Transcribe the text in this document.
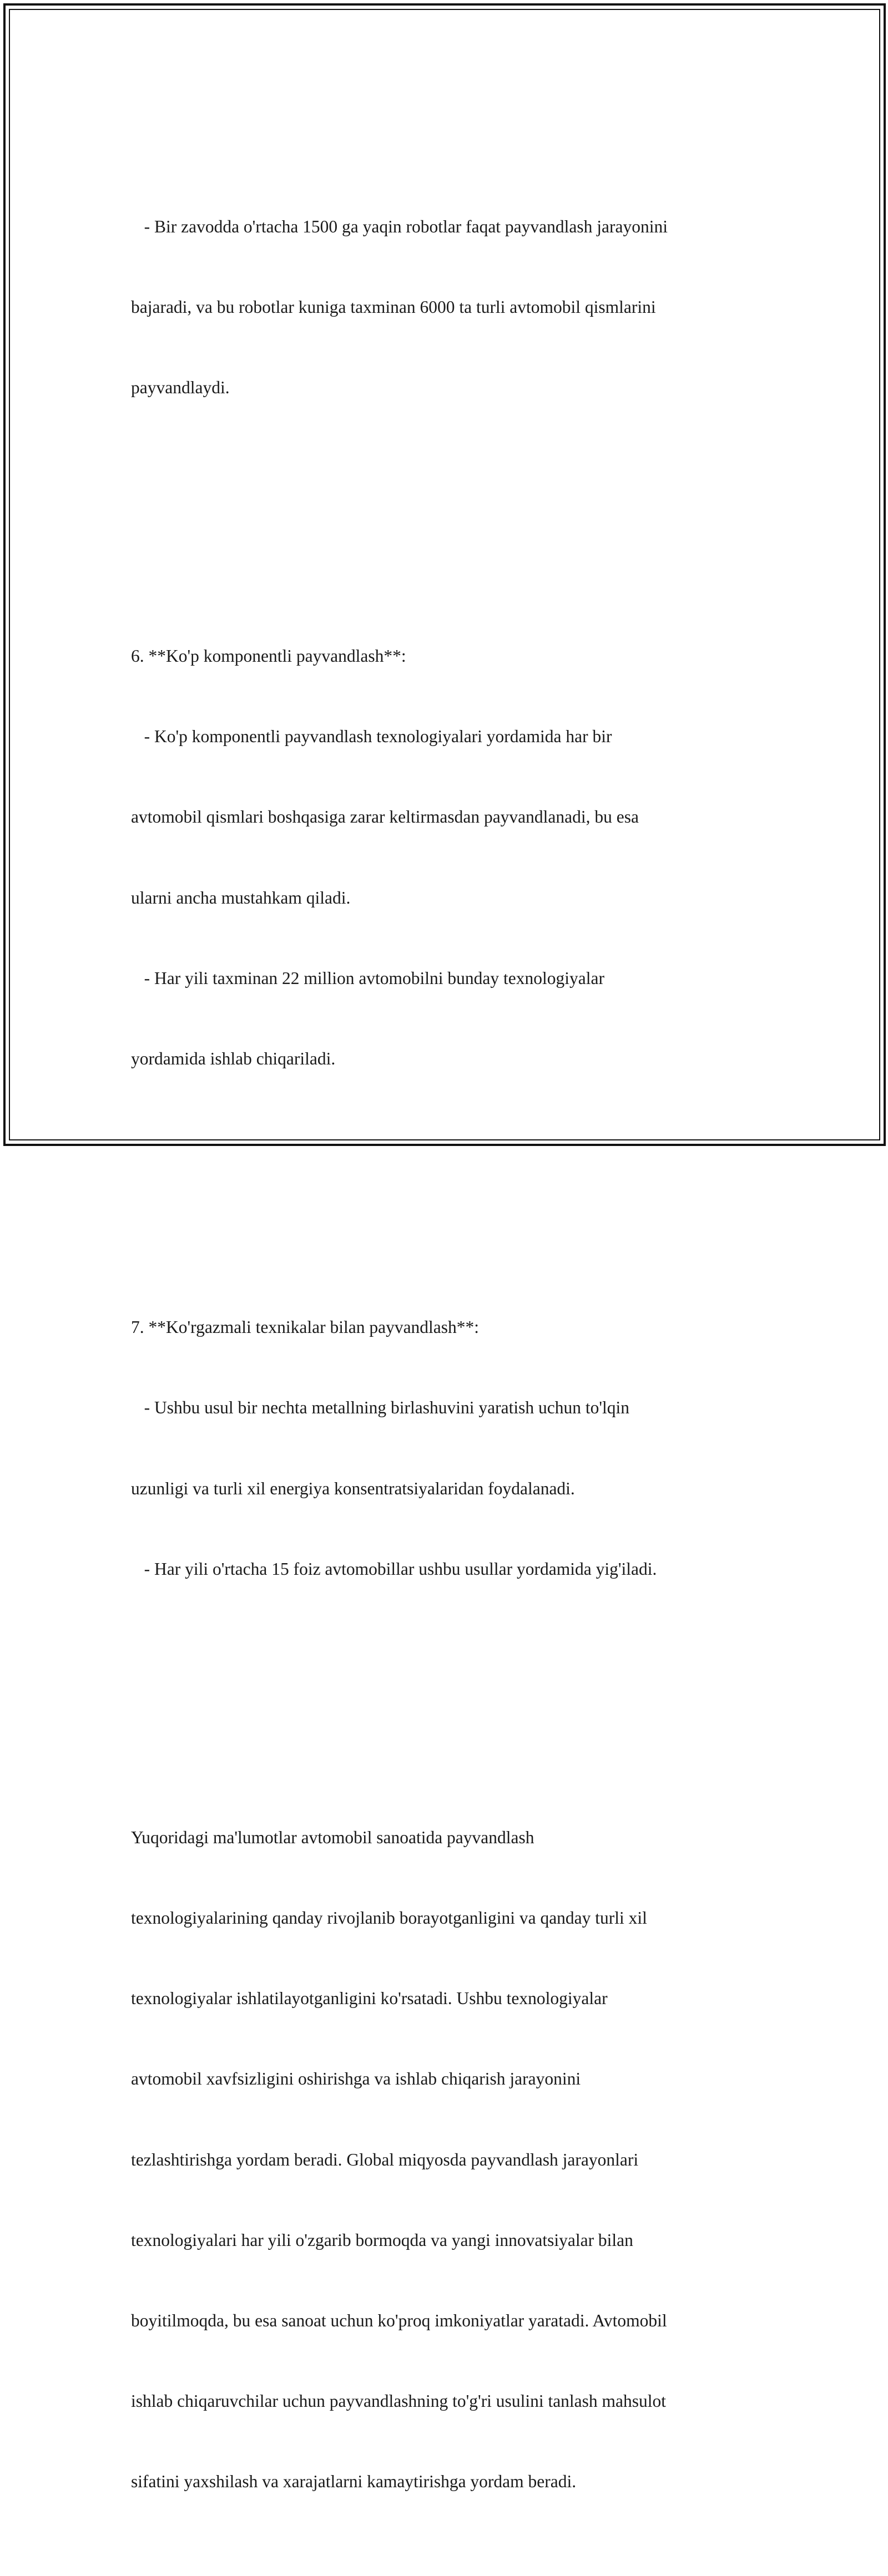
- Bir zavodda o'rtacha 1500 ga yaqin robotlar faqat payvandlash jarayonini

bajaradi, va bu robotlar kuniga taxminan 6000 ta turli avtomobil qismlarini

payvandlaydi.

6. **Ko'p komponentli payvandlash**:

- Ko'p komponentli payvandlash texnologiyalari yordamida har bir

avtomobil qismlari boshqasiga zarar keltirmasdan payvandlanadi, bu esa

ularni ancha mustahkam qiladi.

- Har yili taxminan 22 million avtomobilni bunday texnologiyalar

yordamida ishlab chiqariladi.

7. **Ko'rgazmali texnikalar bilan payvandlash**:

- Ushbu usul bir nechta metallning birlashuvini yaratish uchun to'lqin

uzunligi va turli xil energiya konsentratsiyalaridan foydalanadi.

- Har yili o'rtacha 15 foiz avtomobillar ushbu usullar yordamida yig'iladi.

Yuqoridagi ma'lumotlar avtomobil sanoatida payvandlash

texnologiyalarining qanday rivojlanib borayotganligini va qanday turli xil

texnologiyalar ishlatilayotganligini ko'rsatadi. Ushbu texnologiyalar

avtomobil xavfsizligini oshirishga va ishlab chiqarish jarayonini

tezlashtirishga yordam beradi. Global miqyosda payvandlash jarayonlari

texnologiyalari har yili o'zgarib bormoqda va yangi innovatsiyalar bilan

boyitilmoqda, bu esa sanoat uchun ko'proq imkoniyatlar yaratadi. Avtomobil

ishlab chiqaruvchilar uchun payvandlashning to'g'ri usulini tanlash mahsulot

sifatini yaxshilash va xarajatlarni kamaytirishga yordam beradi.
